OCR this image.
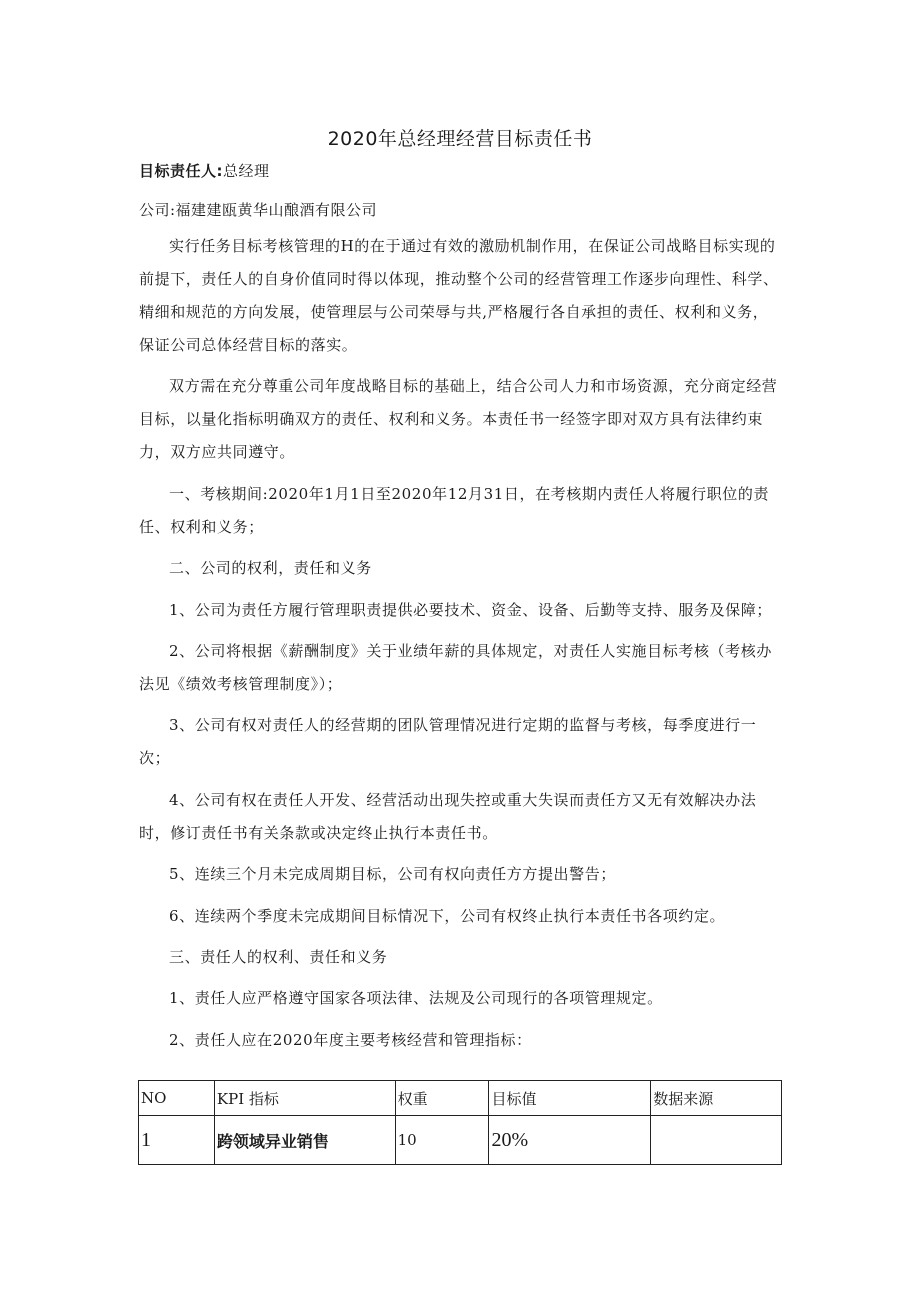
2020年总经理经营目标责任书
目标责任人:总经理
公司:福建建瓯黄华山酿酒有限公司

实行任务目标考核管理的H的在于通过有效的激励机制作用，在保证公司战略目标实现的前提下，责任人的自身价值同时得以体现，推动整个公司的经营管理工作逐步向理性、科学、精细和规范的方向发展，使管理层与公司荣辱与共,严格履行各自承担的责任、权利和义务，保证公司总体经营目标的落实。

双方需在充分尊重公司年度战略目标的基础上，结合公司人力和市场资源，充分商定经营目标，以量化指标明确双方的责任、权利和义务。本责任书一经签字即对双方具有法律约束力，双方应共同遵守。

一、考核期间:2020年1月1日至2020年12月31日，在考核期内责任人将履行职位的责任、权利和义务；

二、公司的权利，责任和义务

1、公司为责任方履行管理职责提供必要技术、资金、设备、后勤等支持、服务及保障；

2、公司将根据《薪酬制度》关于业绩年薪的具体规定，对责任人实施目标考核（考核办法见《绩效考核管理制度》）；

3、公司有权对责任人的经营期的团队管理情况进行定期的监督与考核，每季度进行一次；

4、公司有权在责任人开发、经营活动出现失控或重大失误而责任方又无有效解决办法时，修订责任书有关条款或决定终止执行本责任书。

5、连续三个月未完成周期目标，公司有权向责任方方提出警告；

6、连续两个季度未完成期间目标情况下，公司有权终止执行本责任书各项约定。

三、责任人的权利、责任和义务

1、责任人应严格遵守国家各项法律、法规及公司现行的各项管理规定。

2、责任人应在2020年度主要考核经营和管理指标：

NO	KPI 指标	权重	目标值	数据来源
1	跨领域异业销售	10	20%	
